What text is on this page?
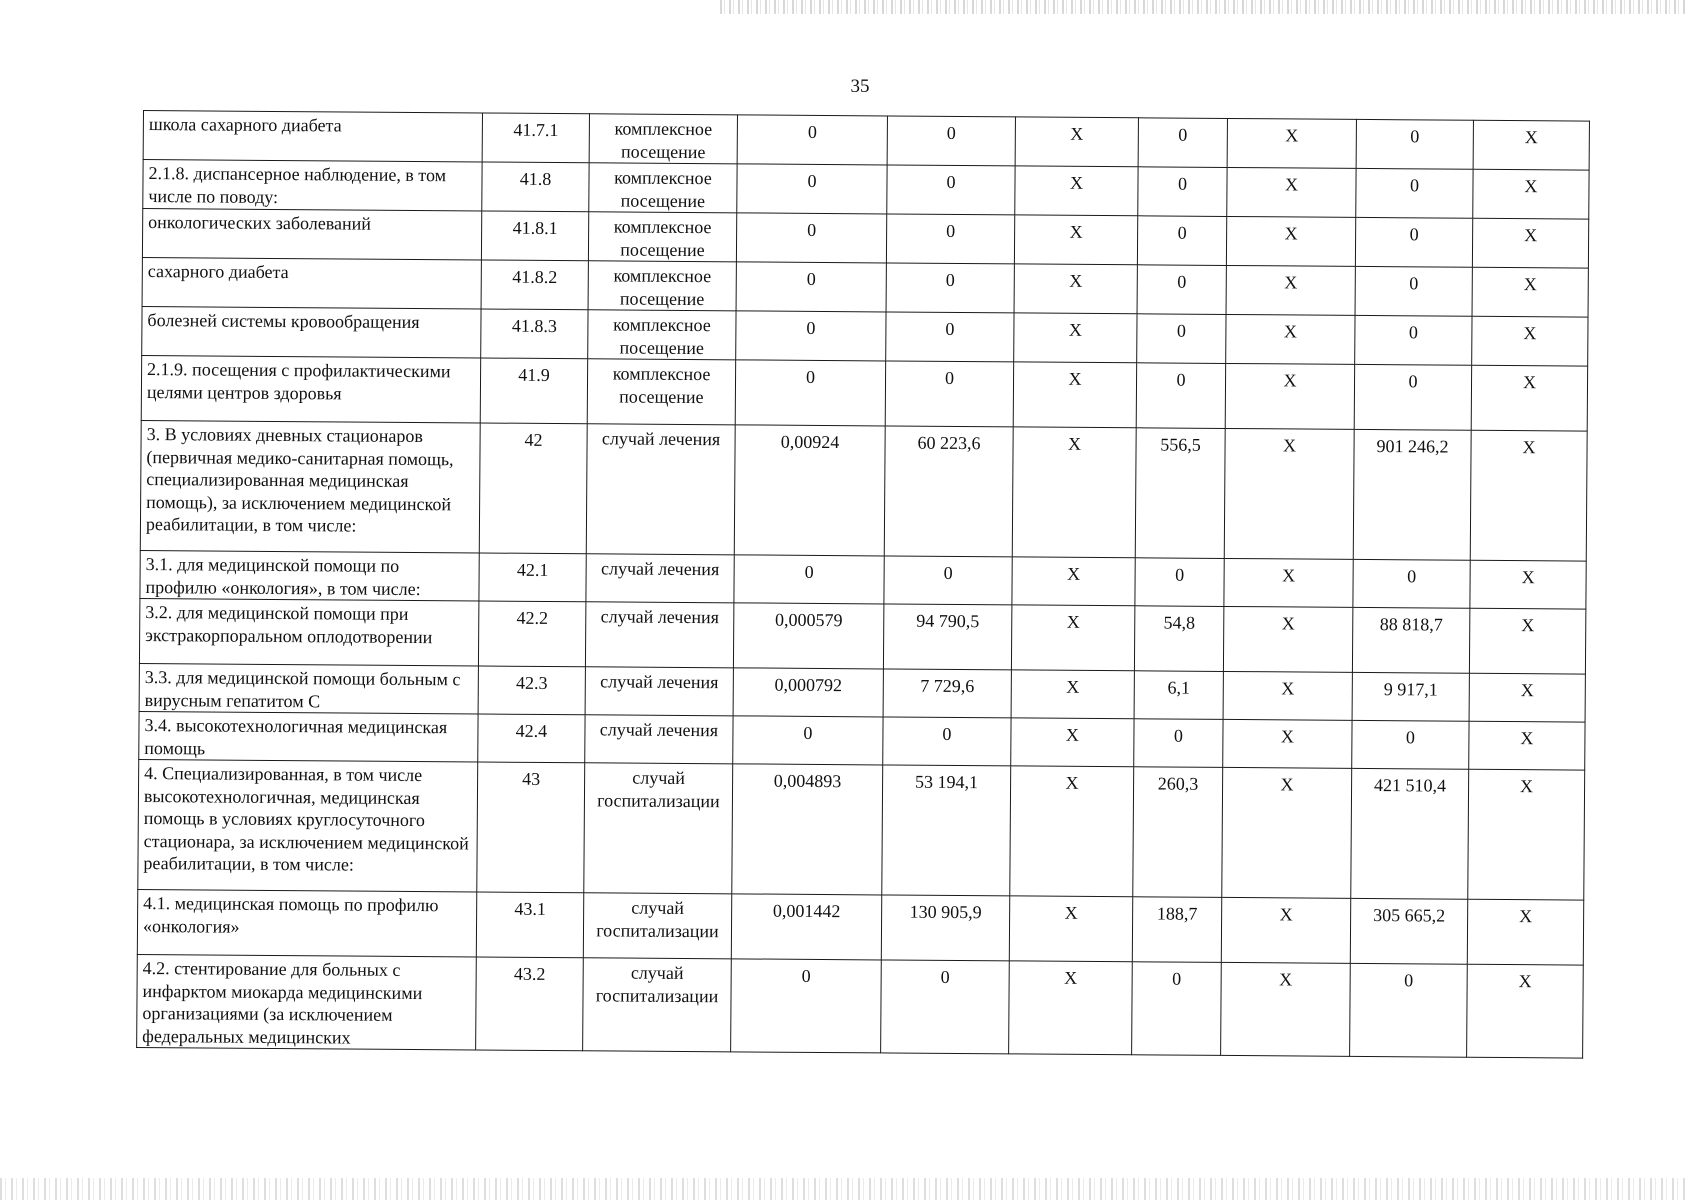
35
школа сахарного диабета	41.7.1	комплексное посещение	0	0	Х	0	Х	0	Х
2.1.8. диспансерное наблюдение, в том числе по поводу:	41.8	комплексное посещение	0	0	Х	0	Х	0	Х
онкологических заболеваний	41.8.1	комплексное посещение	0	0	Х	0	Х	0	Х
сахарного диабета	41.8.2	комплексное посещение	0	0	Х	0	Х	0	Х
болезней системы кровообращения	41.8.3	комплексное посещение	0	0	Х	0	Х	0	Х
2.1.9. посещения с профилактическими целями центров здоровья	41.9	комплексное посещение	0	0	Х	0	Х	0	Х
3. В условиях дневных стационаров (первичная медико-санитарная помощь, специализированная медицинская помощь), за исключением медицинской реабилитации, в том числе:	42	случай лечения	0,00924	60 223,6	Х	556,5	Х	901 246,2	Х
3.1. для медицинской помощи по профилю «онкология», в том числе:	42.1	случай лечения	0	0	Х	0	Х	0	Х
3.2. для медицинской помощи при экстракорпоральном оплодотворении	42.2	случай лечения	0,000579	94 790,5	Х	54,8	Х	88 818,7	Х
3.3. для медицинской помощи больным с вирусным гепатитом С	42.3	случай лечения	0,000792	7 729,6	Х	6,1	Х	9 917,1	Х
3.4. высокотехнологичная медицинская помощь	42.4	случай лечения	0	0	Х	0	Х	0	Х
4. Специализированная, в том числе высокотехнологичная, медицинская помощь в условиях круглосуточного стационара, за исключением медицинской реабилитации, в том числе:	43	случай госпитализации	0,004893	53 194,1	Х	260,3	Х	421 510,4	Х
4.1. медицинская помощь по профилю «онкология»	43.1	случай госпитализации	0,001442	130 905,9	Х	188,7	Х	305 665,2	Х
4.2. стентирование для больных с инфарктом миокарда медицинскими организациями (за исключением федеральных медицинских	43.2	случай госпитализации	0	0	Х	0	Х	0	Х
